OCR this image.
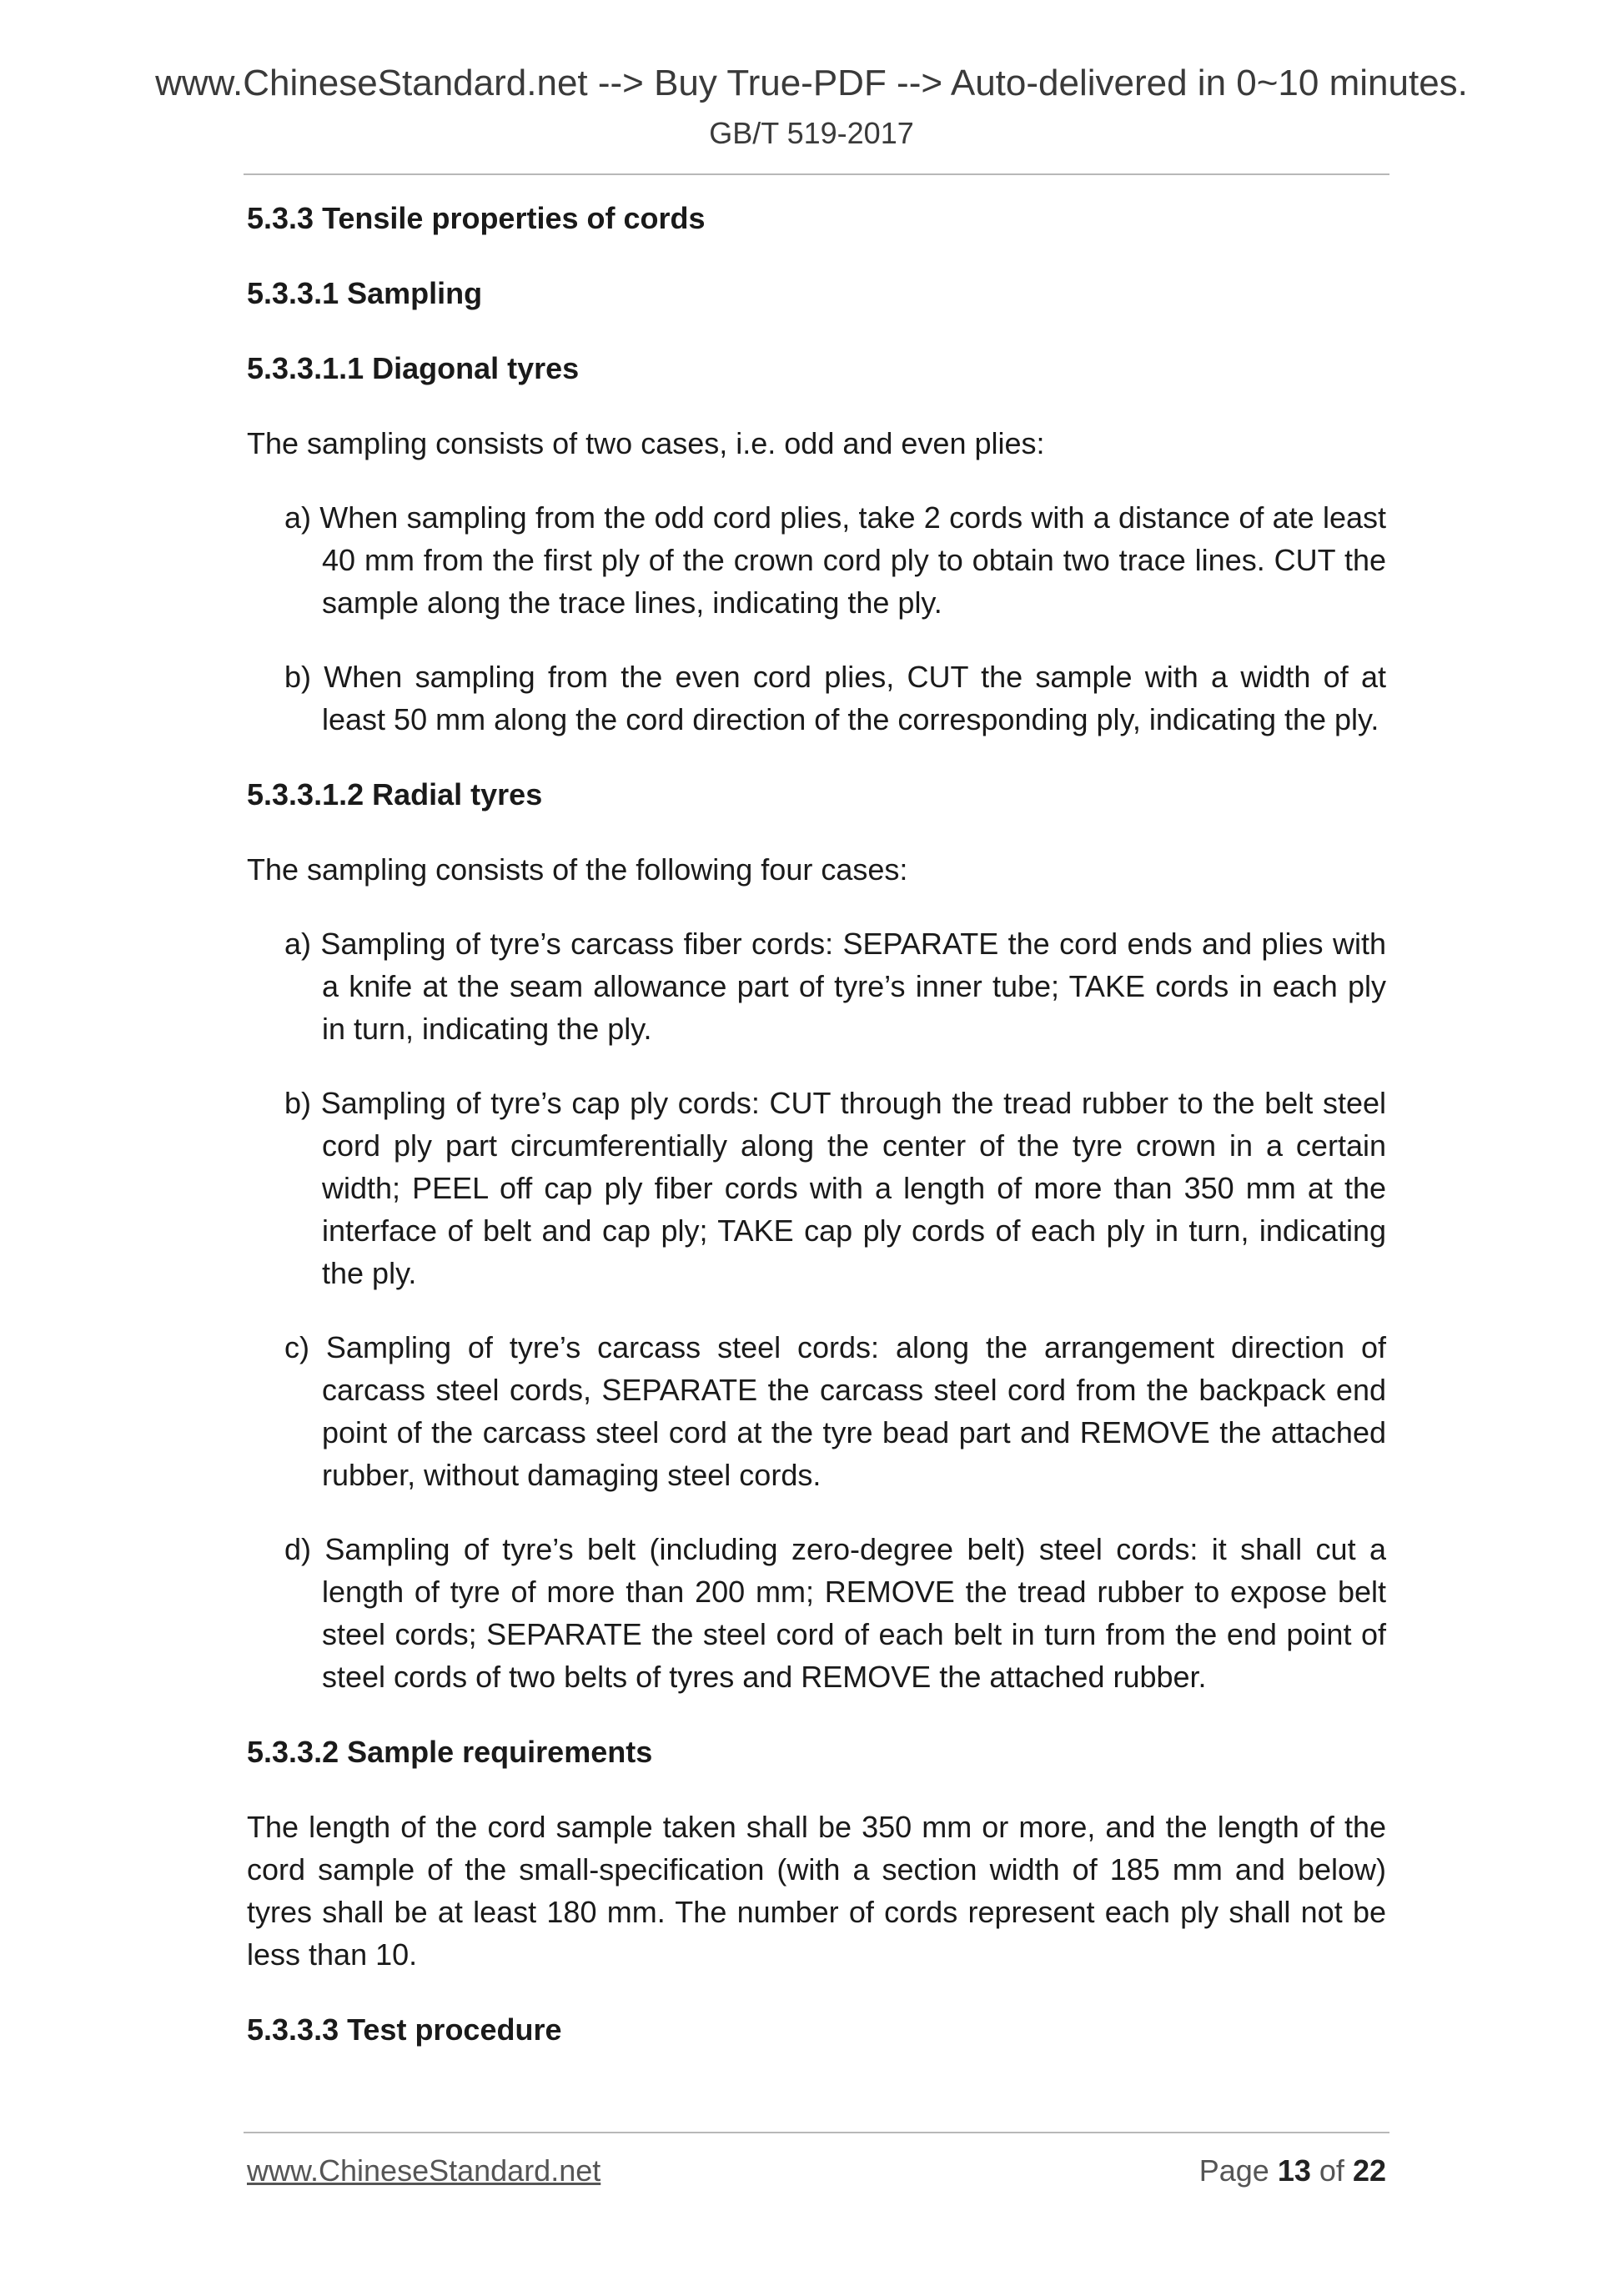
www.ChineseStandard.net --> Buy True-PDF --> Auto-delivered in 0~10 minutes.
GB/T 519-2017

5.3.3 Tensile properties of cords

5.3.3.1 Sampling

5.3.3.1.1 Diagonal tyres

The sampling consists of two cases, i.e. odd and even plies:

a) When sampling from the odd cord plies, take 2 cords with a distance of ate least 40 mm from the first ply of the crown cord ply to obtain two trace lines. CUT the sample along the trace lines, indicating the ply.

b) When sampling from the even cord plies, CUT the sample with a width of at least 50 mm along the cord direction of the corresponding ply, indicating the ply.

5.3.3.1.2 Radial tyres

The sampling consists of the following four cases:

a) Sampling of tyre’s carcass fiber cords: SEPARATE the cord ends and plies with a knife at the seam allowance part of tyre’s inner tube; TAKE cords in each ply in turn, indicating the ply.

b) Sampling of tyre’s cap ply cords: CUT through the tread rubber to the belt steel cord ply part circumferentially along the center of the tyre crown in a certain width; PEEL off cap ply fiber cords with a length of more than 350 mm at the interface of belt and cap ply; TAKE cap ply cords of each ply in turn, indicating the ply.

c) Sampling of tyre’s carcass steel cords: along the arrangement direction of carcass steel cords, SEPARATE the carcass steel cord from the backpack end point of the carcass steel cord at the tyre bead part and REMOVE the attached rubber, without damaging steel cords.

d) Sampling of tyre’s belt (including zero-degree belt) steel cords: it shall cut a length of tyre of more than 200 mm; REMOVE the tread rubber to expose belt steel cords; SEPARATE the steel cord of each belt in turn from the end point of steel cords of two belts of tyres and REMOVE the attached rubber.

5.3.3.2 Sample requirements

The length of the cord sample taken shall be 350 mm or more, and the length of the cord sample of the small-specification (with a section width of 185 mm and below) tyres shall be at least 180 mm. The number of cords represent each ply shall not be less than 10.

5.3.3.3 Test procedure

www.ChineseStandard.net	Page 13 of 22
